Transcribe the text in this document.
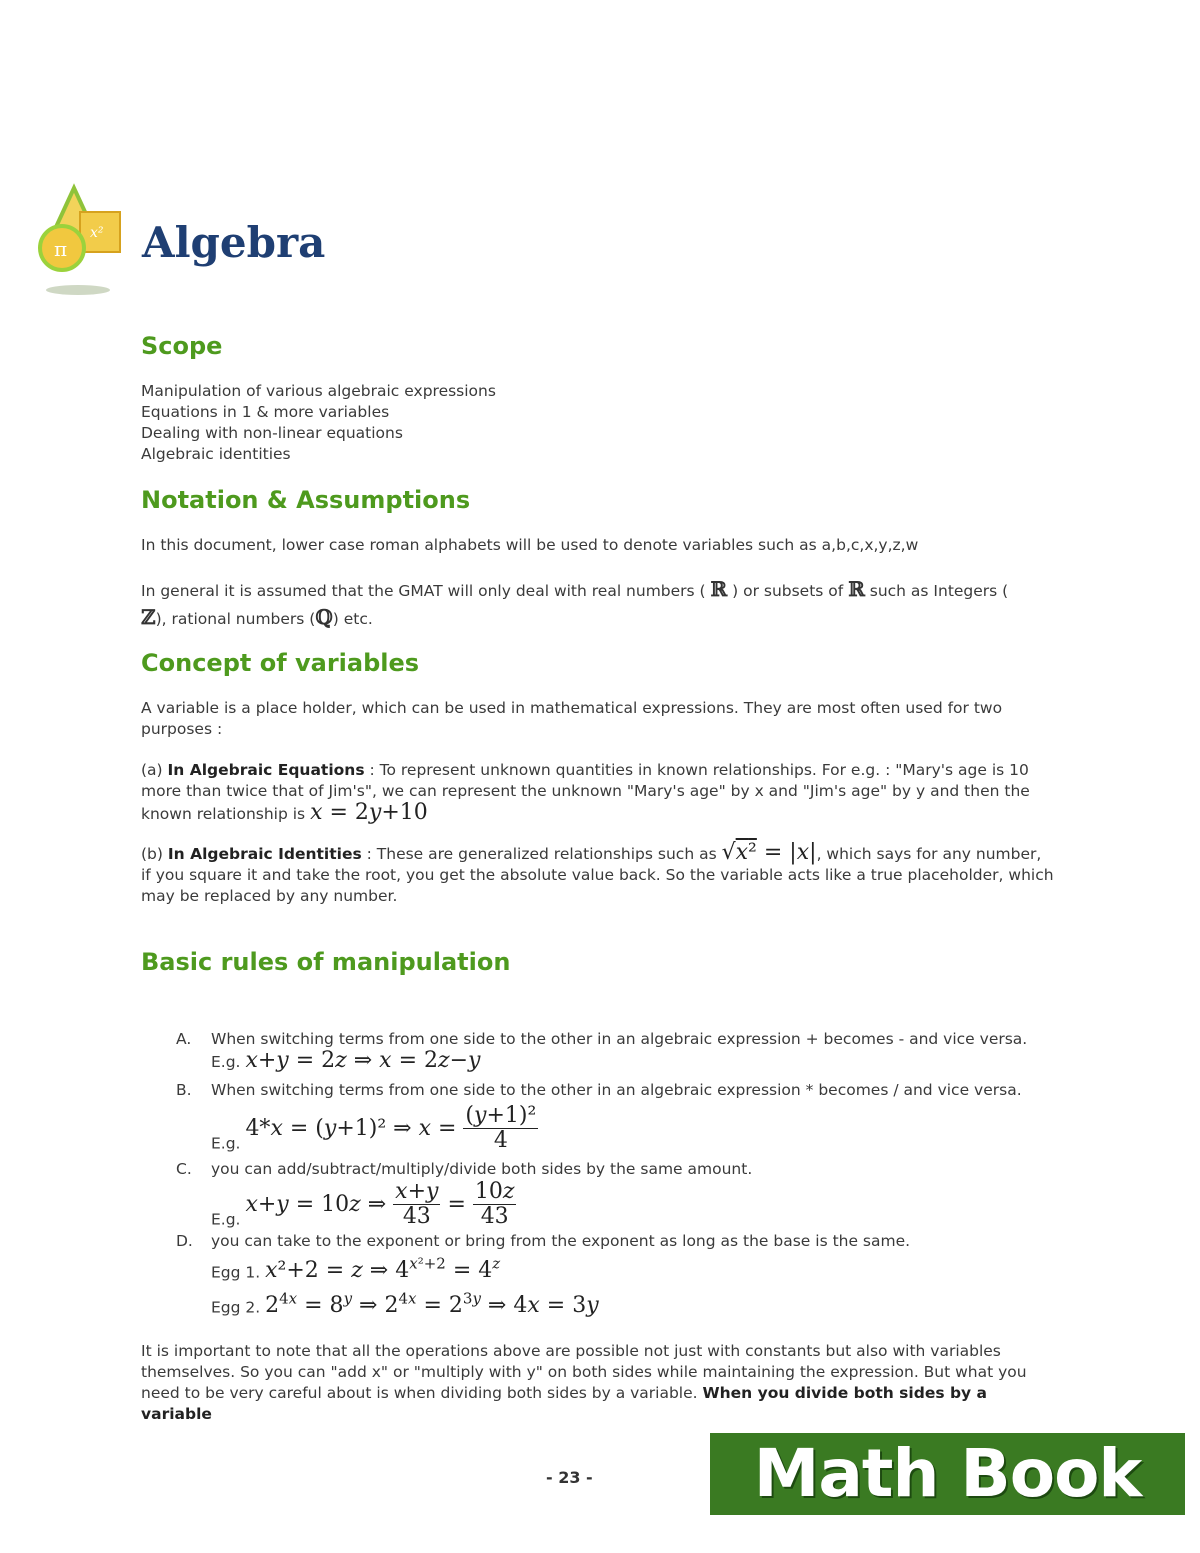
x²
π Algebra
Scope
Manipulation of various algebraic expressions
Equations in 1 & more variables
Dealing with non-linear equations
Algebraic identities
Notation & Assumptions
In this document, lower case roman alphabets will be used to denote variables such as a,b,c,x,y,z,w
In general it is assumed that the GMAT will only deal with real numbers ( ℝ ) or subsets of ℝ such as Integers (
ℤ), rational numbers (ℚ) etc.
Concept of variables
A variable is a place holder, which can be used in mathematical expressions. They are most often used for two purposes :
(a) In Algebraic Equations : To represent unknown quantities in known relationships. For e.g. : "Mary's age is 10 more than twice that of Jim's", we can represent the unknown "Mary's age" by x and "Jim's age" by y and then the known relationship is x = 2y+10
(b) In Algebraic Identities : These are generalized relationships such as √x² = |x|, which says for any number, if you square it and take the root, you get the absolute value back. So the variable acts like a true placeholder, which may be replaced by any number.
Basic rules of manipulation
A. When switching terms from one side to the other in an algebraic expression + becomes - and vice versa.
E.g. x+y = 2z ⇒ x = 2z−y
B. When switching terms from one side to the other in an algebraic expression * becomes / and vice versa.
E.g. 4*x = (y+1)² ⇒ $x = \frac{\text{(y+1)²}}{4}$
C. you can add/subtract/multiply/divide both sides by the same amount.
E.g. x+y = 10z ⇒ $\frac{x+y}{43} = \frac{10z}{43}$
D. you can take to the exponent or bring from the exponent as long as the base is the same.
Egg 1. x²+2 = z ⇒ $4^{x^2+2} = 4^z$
Egg 2. $2^{4x} = 8^y$ ⇒ $2^{4x} = 2^{3y}$ ⇒ 4x = 3y
It is important to note that all the operations above are possible not just with constants but also with variables themselves. So you can "add x" or "multiply with y" on both sides while maintaining the expression. But what you need to be very careful about is when dividing both sides by a variable. When you divide both sides by a variable
- 23 -	Math Book
